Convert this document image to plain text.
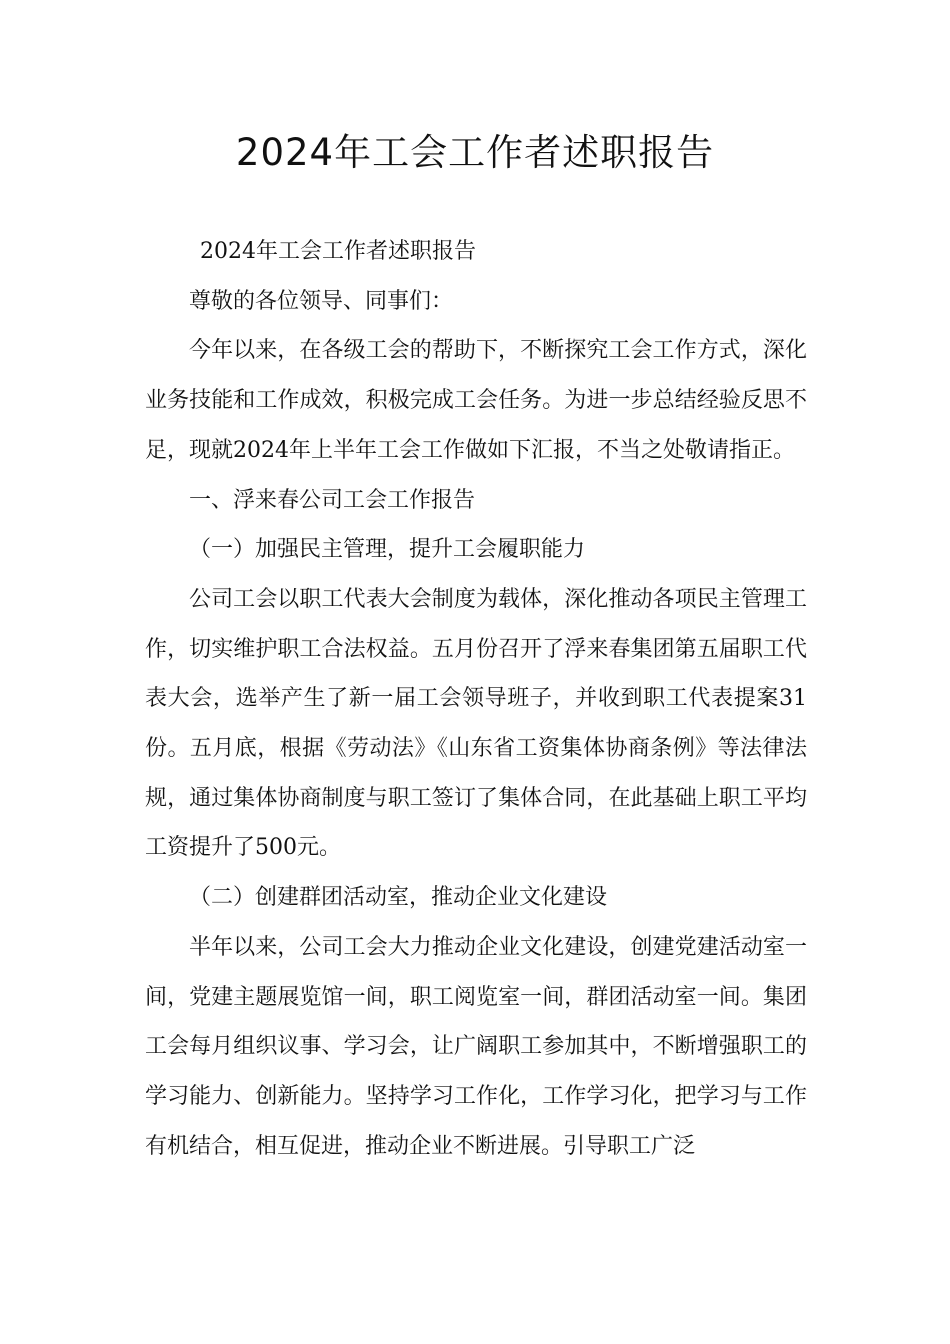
2024年工会工作者述职报告

2024年工会工作者述职报告

尊敬的各位领导、同事们：

今年以来，在各级工会的帮助下，不断探究工会工作方式，深化业务技能和工作成效，积极完成工会任务。为进一步总结经验反思不足，现就2024年上半年工会工作做如下汇报，不当之处敬请指正。

一、浮来春公司工会工作报告

（一）加强民主管理，提升工会履职能力

公司工会以职工代表大会制度为载体，深化推动各项民主管理工作，切实维护职工合法权益。五月份召开了浮来春集团第五届职工代表大会，选举产生了新一届工会领导班子，并收到职工代表提案31份。五月底，根据《劳动法》《山东省工资集体协商条例》等法律法规，通过集体协商制度与职工签订了集体合同，在此基础上职工平均工资提升了500元。

（二）创建群团活动室，推动企业文化建设

半年以来，公司工会大力推动企业文化建设，创建党建活动室一间，党建主题展览馆一间，职工阅览室一间，群团活动室一间。集团工会每月组织议事、学习会，让广阔职工参加其中，不断增强职工的学习能力、创新能力。坚持学习工作化，工作学习化，把学习与工作有机结合，相互促进，推动企业不断进展。引导职工广泛
